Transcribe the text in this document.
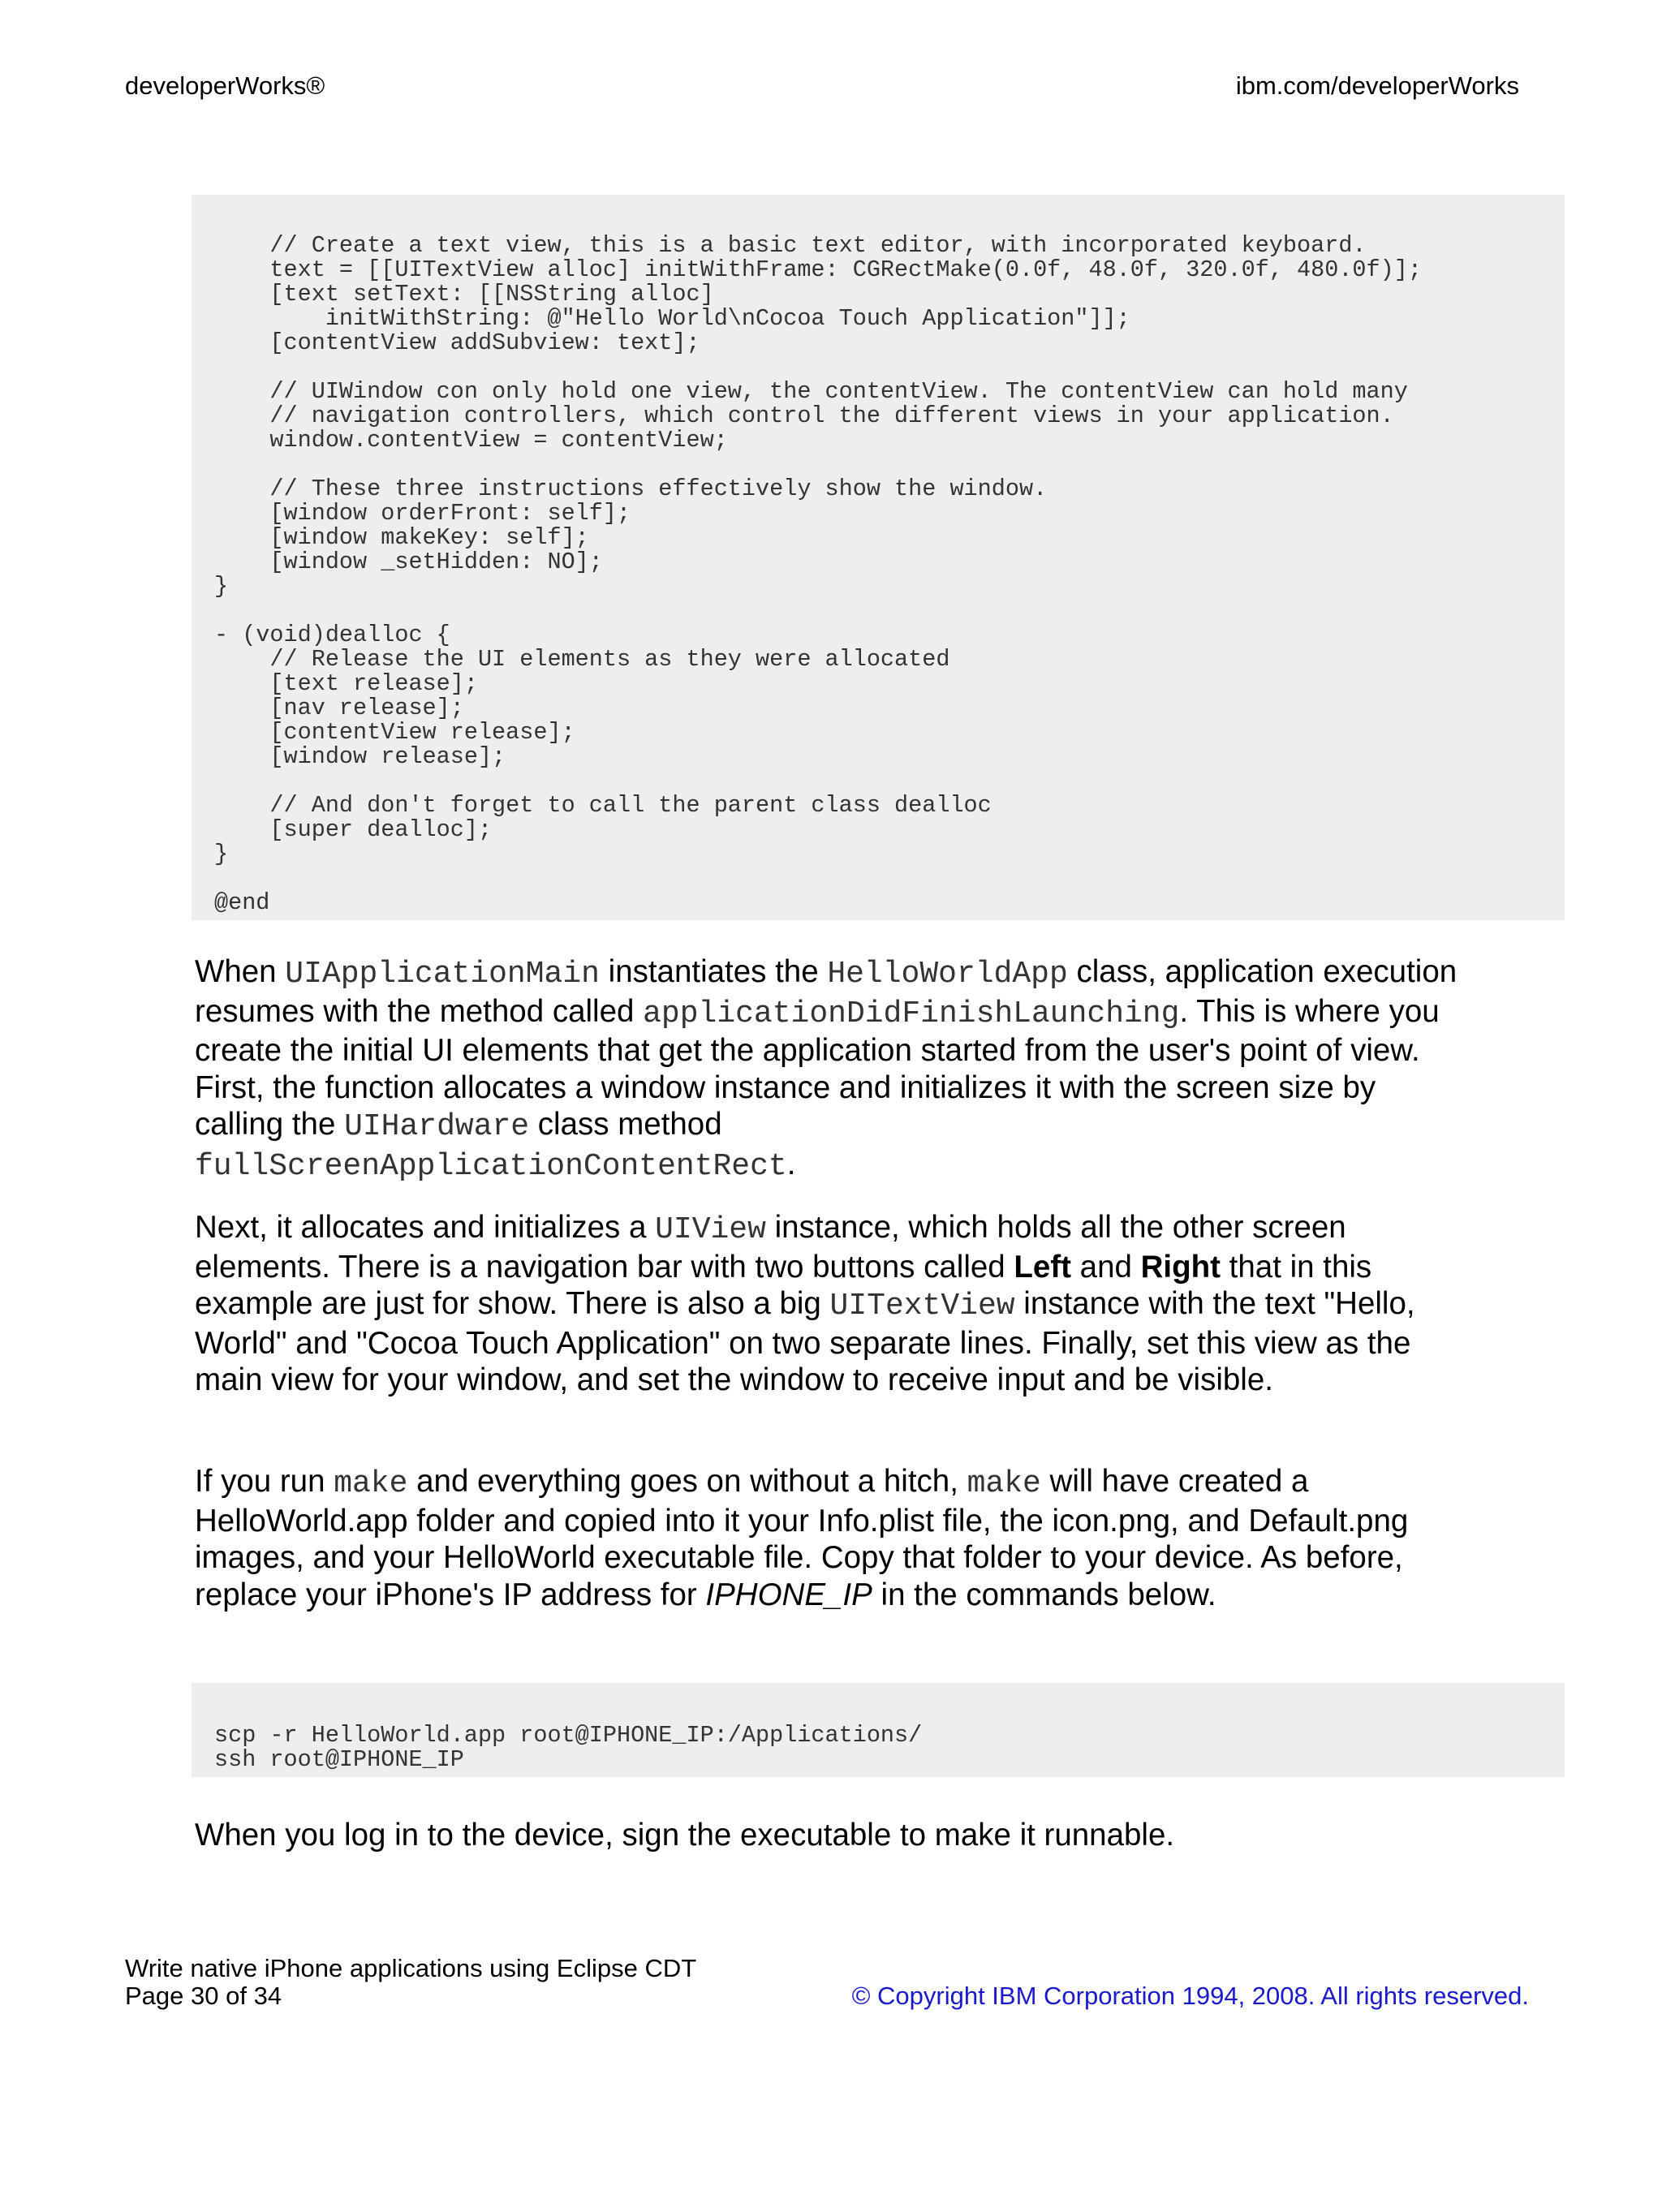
developerWorks®	ibm.com/developerWorks
// Create a text view, this is a basic text editor, with incorporated keyboard.
text = [[UITextView alloc] initWithFrame: CGRectMake(0.0f, 48.0f, 320.0f, 480.0f)];
[text setText: [[NSString alloc]
initWithString: @"Hello World\nCocoa Touch Application"]];
[contentView addSubview: text];
// UIWindow con only hold one view, the contentView. The contentView can hold many
// navigation controllers, which control the different views in your application.
window.contentView = contentView;
// These three instructions effectively show the window.
[window orderFront: self];
[window makeKey: self];
[window _setHidden: NO];
}
- (void)dealloc {
// Release the UI elements as they were allocated
[text release];
[nav release];
[contentView release];
[window release];
// And don't forget to call the parent class dealloc
[super dealloc];
}
@end

When UIApplicationMain instantiates the HelloWorldApp class, application execution resumes with the method called applicationDidFinishLaunching. This is where you create the initial UI elements that get the application started from the user's point of view. First, the function allocates a window instance and initializes it with the screen size by calling the UIHardware class method
fullScreenApplicationContentRect.

Next, it allocates and initializes a UIView instance, which holds all the other screen elements. There is a navigation bar with two buttons called Left and Right that in this example are just for show. There is also a big UITextView instance with the text "Hello, World" and "Cocoa Touch Application" on two separate lines. Finally, set this view as the main view for your window, and set the window to receive input and be visible.

If you run make and everything goes on without a hitch, make will have created a HelloWorld.app folder and copied into it your Info.plist file, the icon.png, and Default.png images, and your HelloWorld executable file. Copy that folder to your device. As before, replace your iPhone's IP address for IPHONE_IP in the commands below.

scp -r HelloWorld.app root@IPHONE_IP:/Applications/
ssh root@IPHONE_IP

When you log in to the device, sign the executable to make it runnable.

Write native iPhone applications using Eclipse CDT
Page 30 of 34	© Copyright IBM Corporation 1994, 2008. All rights reserved.
